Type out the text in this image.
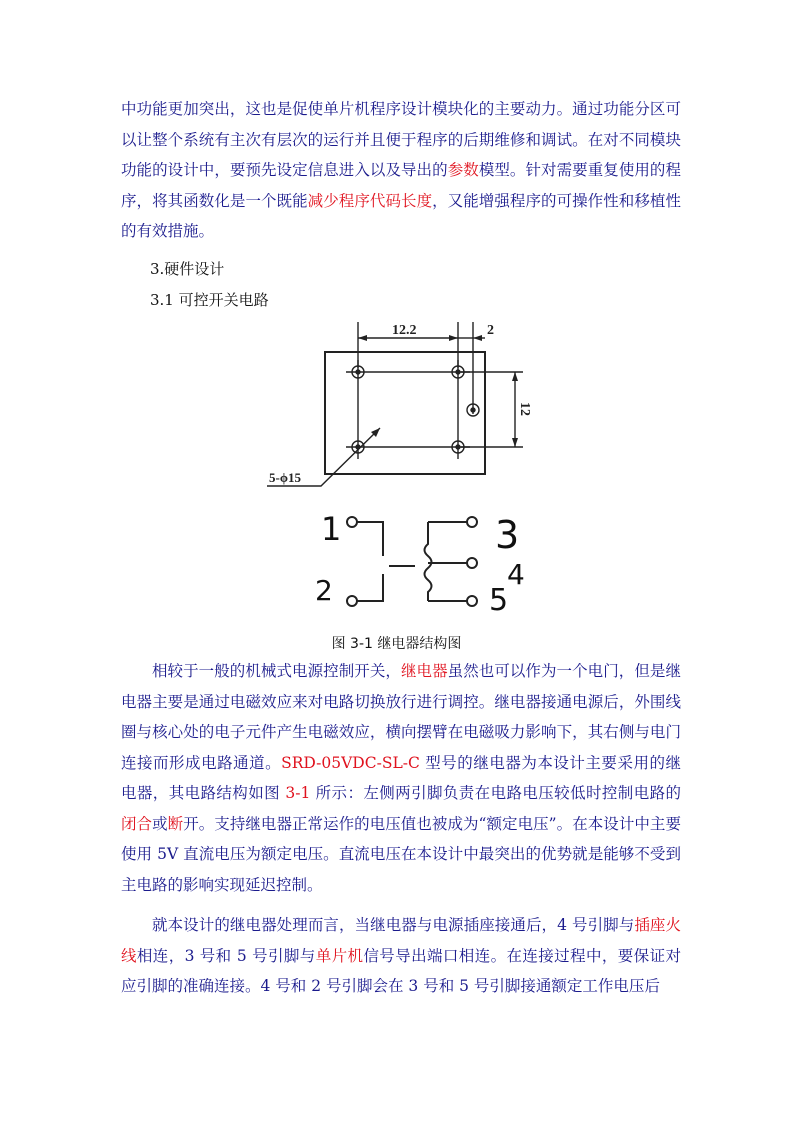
中功能更加突出，这也是促使单片机程序设计模块化的主要动力。通过功能分区可以让整个系统有主次有层次的运行并且便于程序的后期维修和调试。在对不同模块功能的设计中，要预先设定信息进入以及导出的参数模型。针对需要重复使用的程序，将其函数化是一个既能减少程序代码长度，又能增强程序的可操作性和移植性的有效措施。

3.硬件设计
3.1 可控开关电路
12.2	2
12
5-ϕ15
1
2
3
4
5
图 3-1 继电器结构图

相较于一般的机械式电源控制开关，继电器虽然也可以作为一个电门，但是继电器主要是通过电磁效应来对电路切换放行进行调控。继电器接通电源后，外围线圈与核心处的电子元件产生电磁效应，横向摆臂在电磁吸力影响下，其右侧与电门连接而形成电路通道。SRD-05VDC-SL-C 型号的继电器为本设计主要采用的继电器，其电路结构如图 3-1 所示：左侧两引脚负责在电路电压较低时控制电路的闭合或断开。支持继电器正常运作的电压值也被成为“额定电压”。在本设计中主要使用 5V 直流电压为额定电压。直流电压在本设计中最突出的优势就是能够不受到主电路的影响实现延迟控制。

就本设计的继电器处理而言，当继电器与电源插座接通后，4 号引脚与插座火线相连，3 号和 5 号引脚与单片机信号导出端口相连。在连接过程中，要保证对应引脚的准确连接。4 号和 2 号引脚会在 3 号和 5 号引脚接通额定工作电压后
